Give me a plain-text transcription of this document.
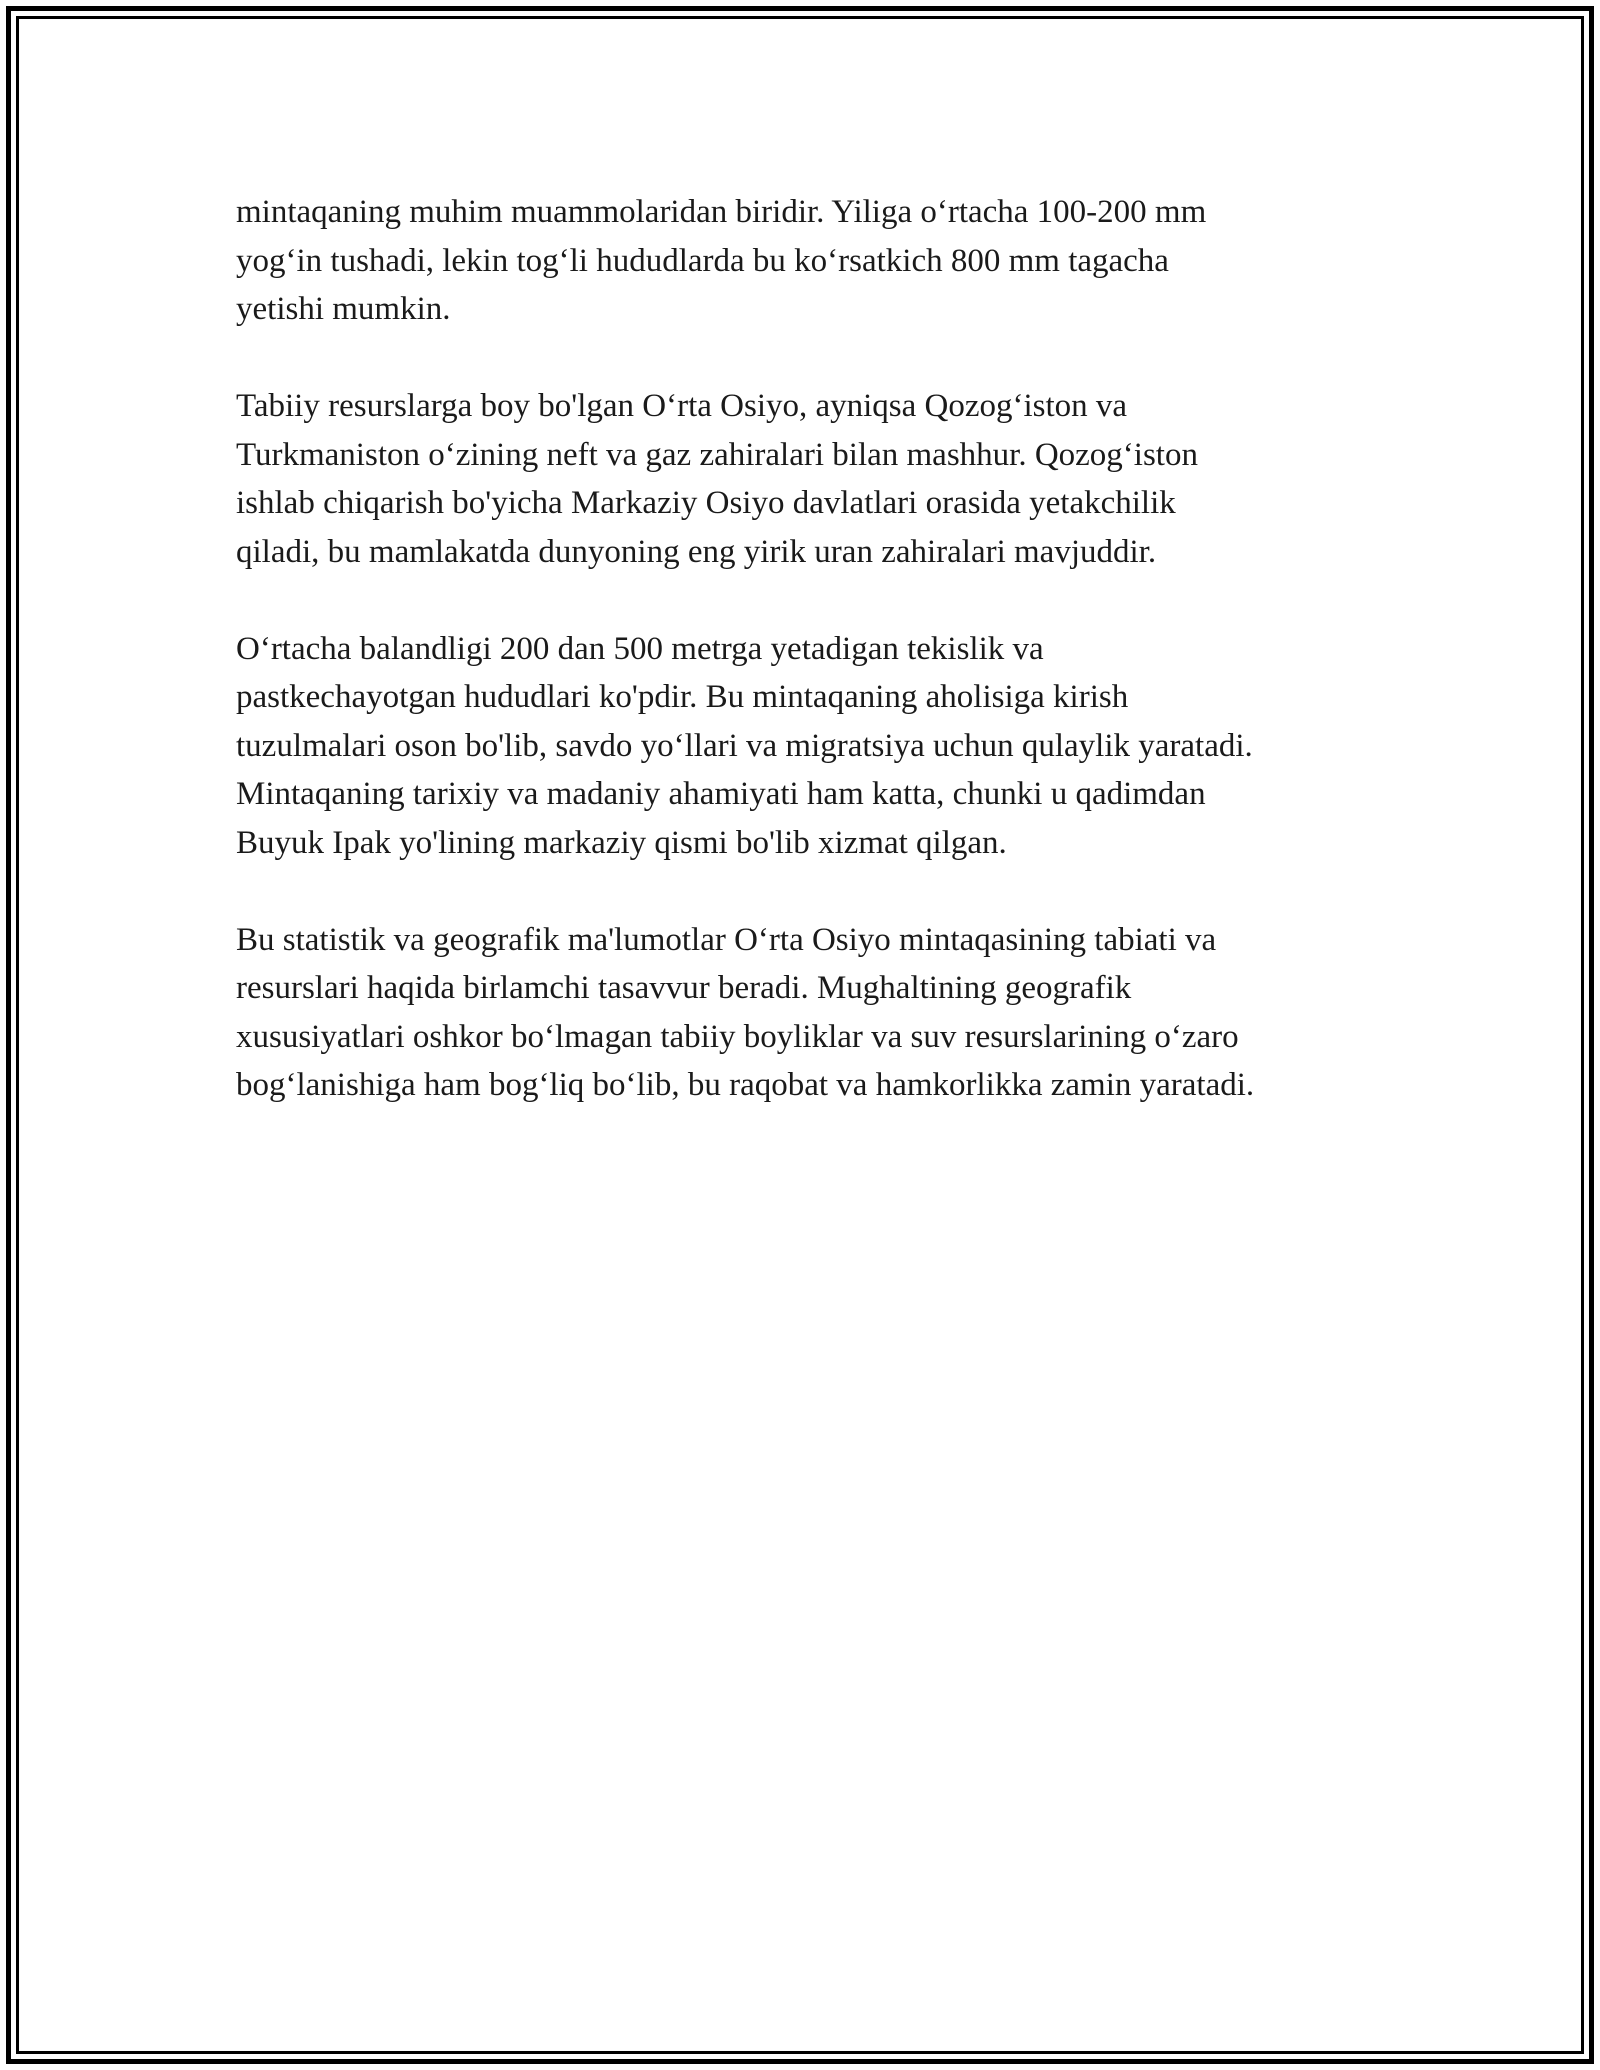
mintaqaning muhim muammolaridan biridir. Yiliga o‘rtacha 100-200 mm
yog‘in tushadi, lekin tog‘li hududlarda bu ko‘rsatkich 800 mm tagacha
yetishi mumkin.

Tabiiy resurslarga boy bo'lgan O‘rta Osiyo, ayniqsa Qozog‘iston va
Turkmaniston o‘zining neft va gaz zahiralari bilan mashhur. Qozog‘iston
ishlab chiqarish bo'yicha Markaziy Osiyo davlatlari orasida yetakchilik
qiladi, bu mamlakatda dunyoning eng yirik uran zahiralari mavjuddir.

O‘rtacha balandligi 200 dan 500 metrga yetadigan tekislik va
pastkechayotgan hududlari ko'pdir. Bu mintaqaning aholisiga kirish
tuzulmalari oson bo'lib, savdo yo‘llari va migratsiya uchun qulaylik yaratadi.
Mintaqaning tarixiy va madaniy ahamiyati ham katta, chunki u qadimdan
Buyuk Ipak yo'lining markaziy qismi bo'lib xizmat qilgan.

Bu statistik va geografik ma'lumotlar O‘rta Osiyo mintaqasining tabiati va
resurslari haqida birlamchi tasavvur beradi. Mughaltining geografik
xususiyatlari oshkor bo‘lmagan tabiiy boyliklar va suv resurslarining o‘zaro
bog‘lanishiga ham bog‘liq bo‘lib, bu raqobat va hamkorlikka zamin yaratadi.
